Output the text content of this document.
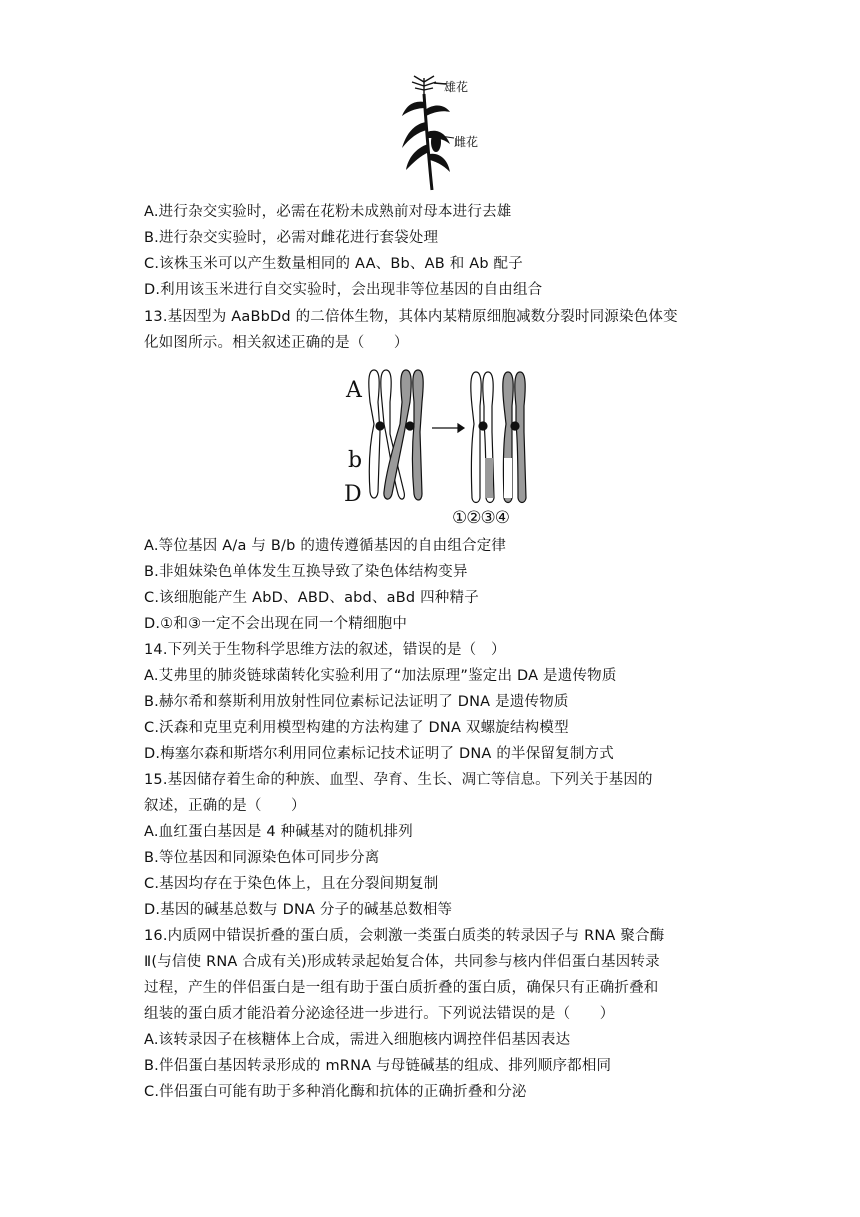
雄花
雌花
A.进行杂交实验时，必需在花粉未成熟前对母本进行去雄
B.进行杂交实验时，必需对雌花进行套袋处理
C.该株玉米可以产生数量相同的 AA、Bb、AB 和 Ab 配子
D.利用该玉米进行自交实验时，会出现非等位基因的自由组合
13.基因型为 AaBbDd 的二倍体生物，其体内某精原细胞减数分裂时同源染色体变
化如图所示。相关叙述正确的是（　　）
A
b
D
①②③④
A.等位基因 A/a 与 B/b 的遗传遵循基因的自由组合定律
B.非姐妹染色单体发生互换导致了染色体结构变异
C.该细胞能产生 AbD、ABD、abd、aBd 四种精子
D.①和③一定不会出现在同一个精细胞中
14.下列关于生物科学思维方法的叙述，错误的是（　）
A.艾弗里的肺炎链球菌转化实验利用了“加法原理”鉴定出 DA 是遗传物质
B.赫尔希和蔡斯利用放射性同位素标记法证明了 DNA 是遗传物质
C.沃森和克里克利用模型构建的方法构建了 DNA 双螺旋结构模型
D.梅塞尔森和斯塔尔利用同位素标记技术证明了 DNA 的半保留复制方式
15.基因储存着生命的种族、血型、孕育、生长、凋亡等信息。下列关于基因的
叙述，正确的是（　　）
A.血红蛋白基因是 4 种碱基对的随机排列
B.等位基因和同源染色体可同步分离
C.基因均存在于染色体上，且在分裂间期复制
D.基因的碱基总数与 DNA 分子的碱基总数相等
16.内质网中错误折叠的蛋白质，会刺激一类蛋白质类的转录因子与 RNA 聚合酶
Ⅱ(与信使 RNA 合成有关)形成转录起始复合体，共同参与核内伴侣蛋白基因转录
过程，产生的伴侣蛋白是一组有助于蛋白质折叠的蛋白质，确保只有正确折叠和
组装的蛋白质才能沿着分泌途径进一步进行。下列说法错误的是（　　）
A.该转录因子在核糖体上合成，需进入细胞核内调控伴侣基因表达
B.伴侣蛋白基因转录形成的 mRNA 与母链碱基的组成、排列顺序都相同
C.伴侣蛋白可能有助于多种消化酶和抗体的正确折叠和分泌
